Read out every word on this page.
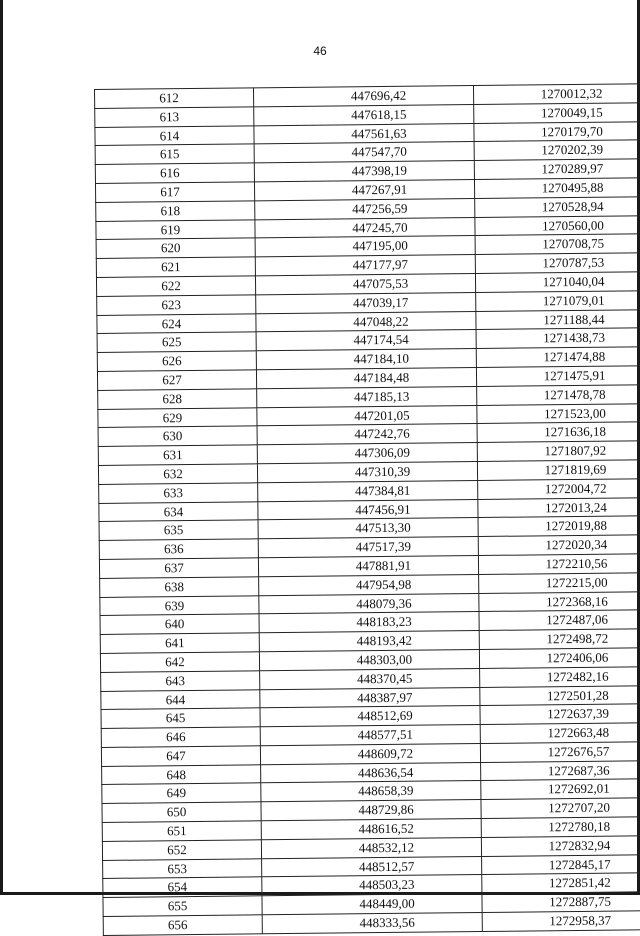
46
612	447696,42	1270012,32
613	447618,15	1270049,15
614	447561,63	1270179,70
615	447547,70	1270202,39
616	447398,19	1270289,97
617	447267,91	1270495,88
618	447256,59	1270528,94
619	447245,70	1270560,00
620	447195,00	1270708,75
621	447177,97	1270787,53
622	447075,53	1271040,04
623	447039,17	1271079,01
624	447048,22	1271188,44
625	447174,54	1271438,73
626	447184,10	1271474,88
627	447184,48	1271475,91
628	447185,13	1271478,78
629	447201,05	1271523,00
630	447242,76	1271636,18
631	447306,09	1271807,92
632	447310,39	1271819,69
633	447384,81	1272004,72
634	447456,91	1272013,24
635	447513,30	1272019,88
636	447517,39	1272020,34
637	447881,91	1272210,56
638	447954,98	1272215,00
639	448079,36	1272368,16
640	448183,23	1272487,06
641	448193,42	1272498,72
642	448303,00	1272406,06
643	448370,45	1272482,16
644	448387,97	1272501,28
645	448512,69	1272637,39
646	448577,51	1272663,48
647	448609,72	1272676,57
648	448636,54	1272687,36
649	448658,39	1272692,01
650	448729,86	1272707,20
651	448616,52	1272780,18
652	448532,12	1272832,94
653	448512,57	1272845,17
654	448503,23	1272851,42
655	448449,00	1272887,75
656	448333,56	1272958,37
